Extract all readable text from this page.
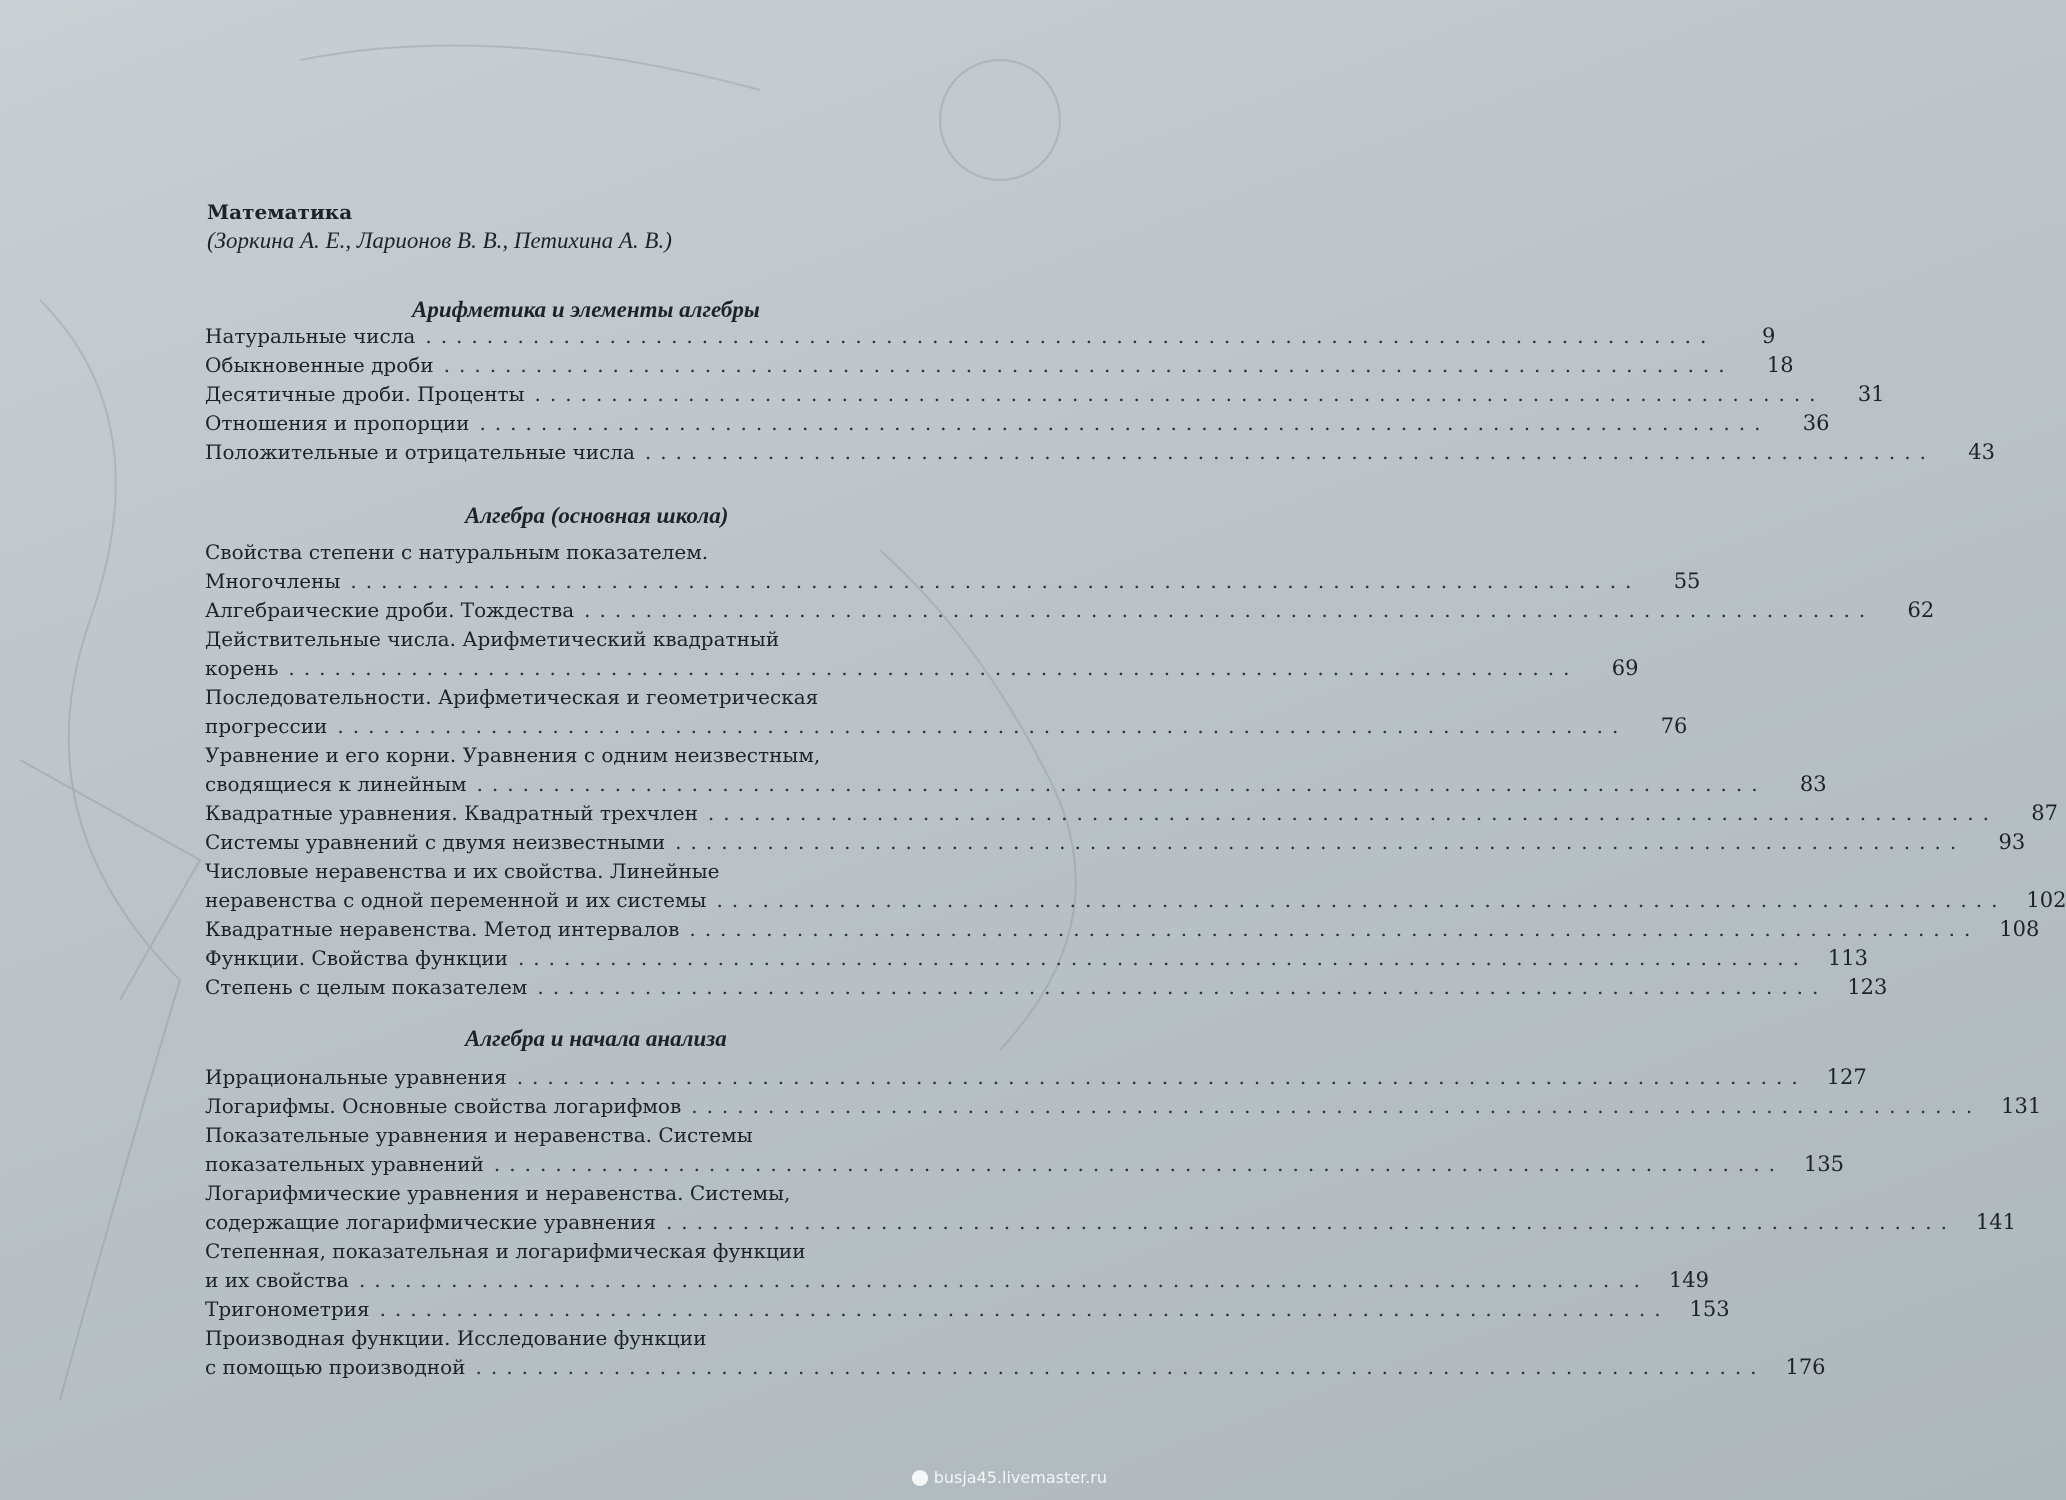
Математика
(Зоркина А. Е., Ларионов В. В., Петихина А. В.)
Арифметика и элементы алгебры
Натуральные числа ....................................................................................	9
Обыкновенные дроби ....................................................................................	18
Десятичные дроби. Проценты ....................................................................................	31
Отношения и пропорции ....................................................................................	36
Положительные и отрицательные числа ....................................................................................	43
Алгебра (основная школа)
Свойства степени с натуральным показателем.
Многочлены ....................................................................................	55
Алгебраические дроби. Тождества ....................................................................................	62
Действительные числа. Арифметический квадратный
корень ....................................................................................	69
Последовательности. Арифметическая и геометрическая
прогрессии ....................................................................................	76
Уравнение и его корни. Уравнения с одним неизвестным,
сводящиеся к линейным ....................................................................................	83
Квадратные уравнения. Квадратный трехчлен ....................................................................................	87
Системы уравнений с двумя неизвестными ....................................................................................	93
Числовые неравенства и их свойства. Линейные
неравенства с одной переменной и их системы .................................................................................... 102
Квадратные неравенства. Метод интервалов .................................................................................... 108
Функции. Свойства функции .................................................................................... 113
Степень с целым показателем .................................................................................... 123
Алгебра и начала анализа
Иррациональные уравнения .................................................................................... 127
Логарифмы. Основные свойства логарифмов .................................................................................... 131
Показательные уравнения и неравенства. Системы
показательных уравнений .................................................................................... 135
Логарифмические уравнения и неравенства. Системы,
содержащие логарифмические уравнения .................................................................................... 141
Степенная, показательная и логарифмическая функции
и их свойства .................................................................................... 149
Тригонометрия .................................................................................... 153
Производная функции. Исследование функции
с помощью производной .................................................................................... 176
busja45.livemaster.ru
